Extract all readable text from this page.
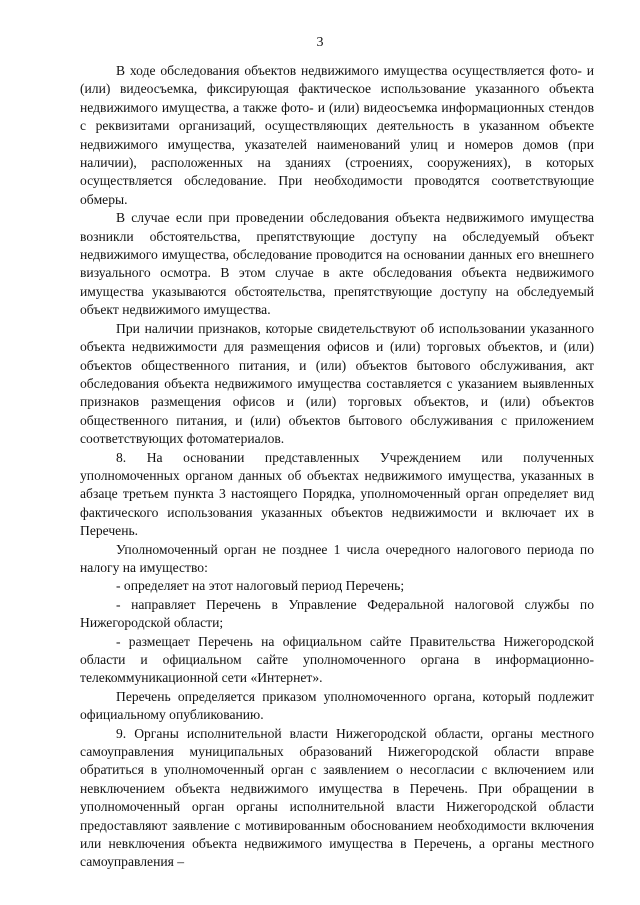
3

В ходе обследования объектов недвижимого имущества осуществляется фото- и (или) видеосъемка, фиксирующая фактическое использование указанного объекта недвижимого имущества, а также фото- и (или) видеосъемка информационных стендов с реквизитами организаций, осуществляющих деятельность в указанном объекте недвижимого имущества, указателей наименований улиц и номеров домов (при наличии), расположенных на зданиях (строениях, сооружениях), в которых осуществляется обследование. При необходимости проводятся соответствующие обмеры.

В случае если при проведении обследования объекта недвижимого имущества возникли обстоятельства, препятствующие доступу на обследуемый объект недвижимого имущества, обследование проводится на основании данных его внешнего визуального осмотра. В этом случае в акте обследования объекта недвижимого имущества указываются обстоятельства, препятствующие доступу на обследуемый объект недвижимого имущества.

При наличии признаков, которые свидетельствуют об использовании указанного объекта недвижимости для размещения офисов и (или) торговых объектов, и (или) объектов общественного питания, и (или) объектов бытового обслуживания, акт обследования объекта недвижимого имущества составляется с указанием выявленных признаков размещения офисов и (или) торговых объектов, и (или) объектов общественного питания, и (или) объектов бытового обслуживания с приложением соответствующих фотоматериалов.

8. На основании представленных Учреждением или полученных уполномоченных органом данных об объектах недвижимого имущества, указанных в абзаце третьем пункта 3 настоящего Порядка, уполномоченный орган определяет вид фактического использования указанных объектов недвижимости и включает их в Перечень.

Уполномоченный орган не позднее 1 числа очередного налогового периода по налогу на имущество:

- определяет на этот налоговый период Перечень;

- направляет Перечень в Управление Федеральной налоговой службы по Нижегородской области;

- размещает Перечень на официальном сайте Правительства Нижегородской области и официальном сайте уполномоченного органа в информационно-телекоммуникационной сети «Интернет».

Перечень определяется приказом уполномоченного органа, который подлежит официальному опубликованию.

9. Органы исполнительной власти Нижегородской области, органы местного самоуправления муниципальных образований Нижегородской области вправе обратиться в уполномоченный орган с заявлением о несогласии с включением или невключением объекта недвижимого имущества в Перечень. При обращении в уполномоченный орган органы исполнительной власти Нижегородской области предоставляют заявление с мотивированным обоснованием необходимости включения или невключения объекта недвижимого имущества в Перечень, а органы местного самоуправления –
